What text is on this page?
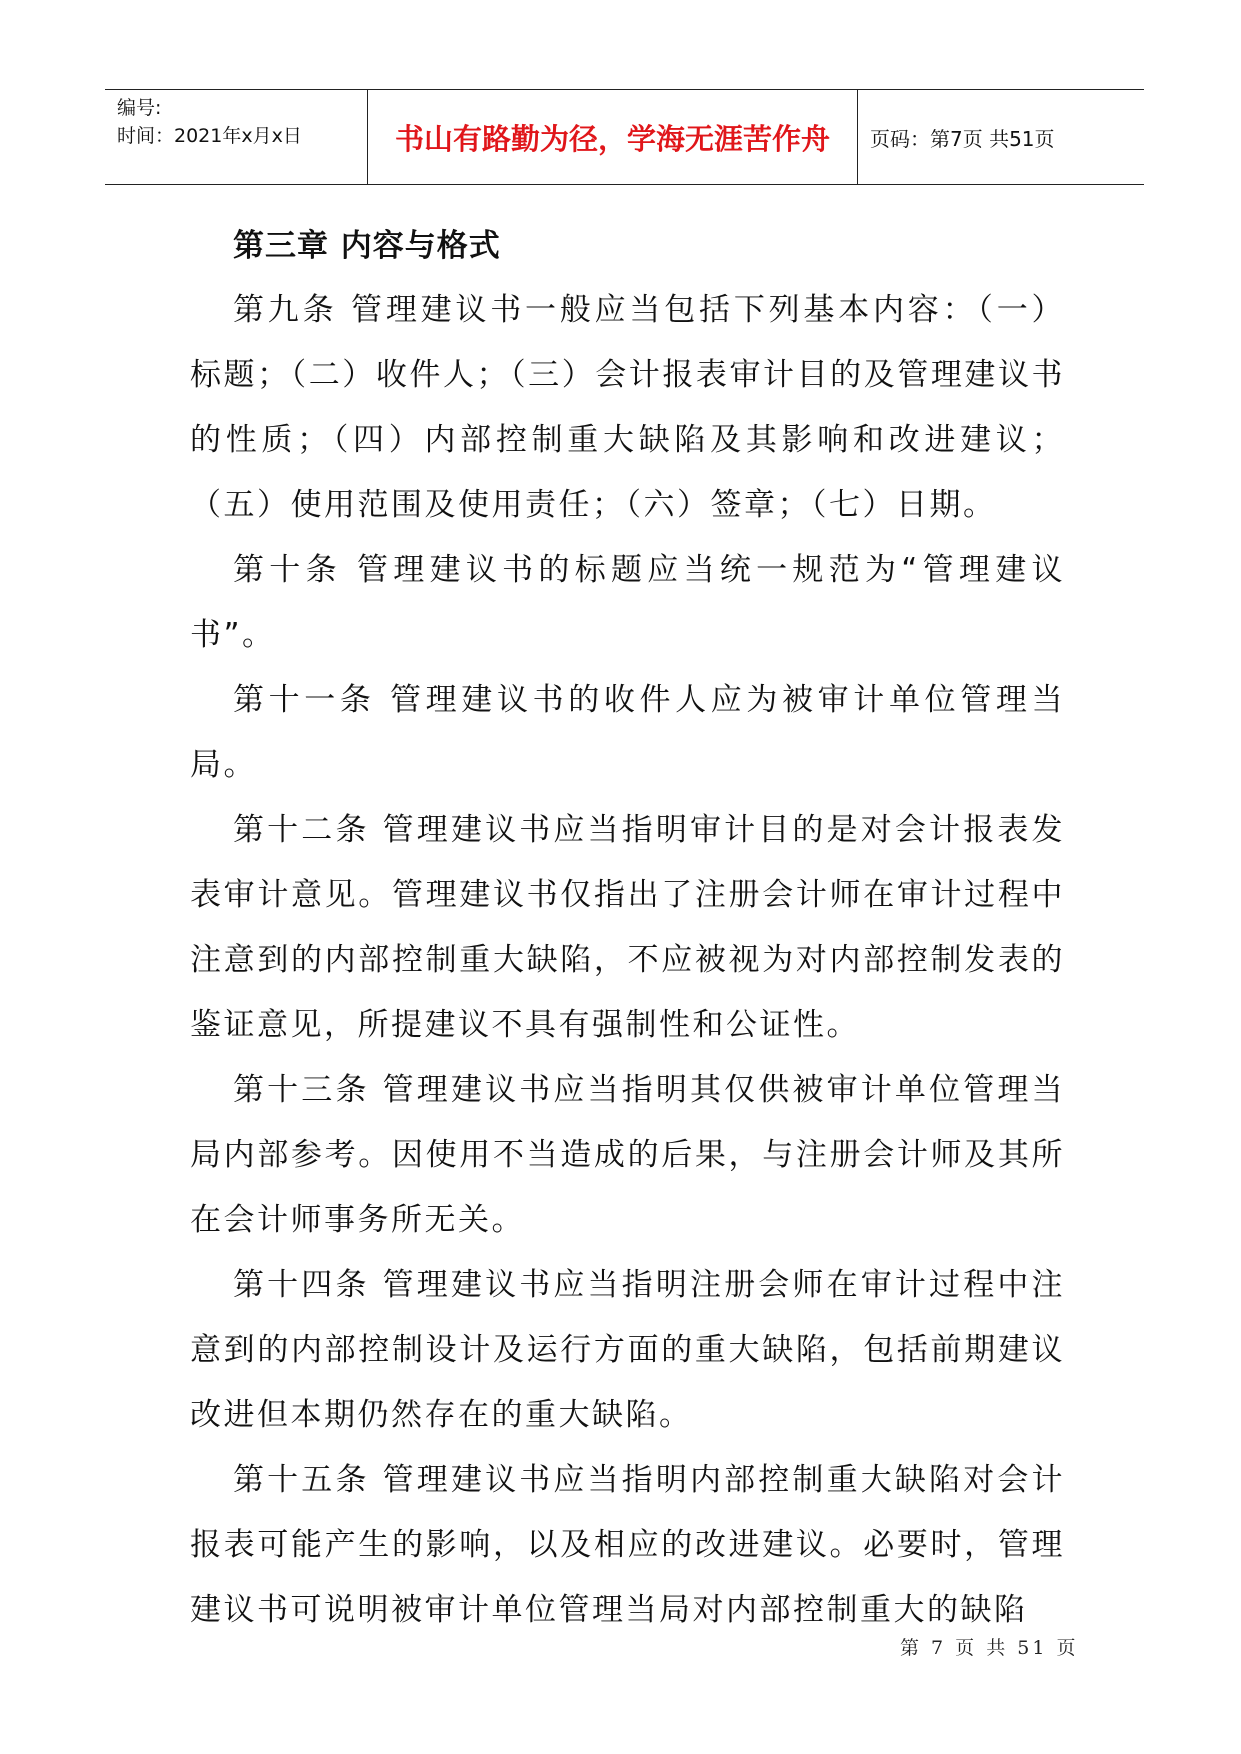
编号:
时间：2021年x月x日	书山有路勤为径，学海无涯苦作舟	页码：第7页 共51页
第三章 内容与格式

第九条 管理建议书一般应当包括下列基本内容：（一）标题；（二）收件人；（三）会计报表审计目的及管理建议书的性质；（四）内部控制重大缺陷及其影响和改进建议；（五）使用范围及使用责任；（六）签章；（七）日期。

第十条 管理建议书的标题应当统一规范为“管理建议书”。

第十一条 管理建议书的收件人应为被审计单位管理当局。

第十二条 管理建议书应当指明审计目的是对会计报表发表审计意见。管理建议书仅指出了注册会计师在审计过程中注意到的内部控制重大缺陷，不应被视为对内部控制发表的鉴证意见，所提建议不具有强制性和公证性。

第十三条 管理建议书应当指明其仅供被审计单位管理当局内部参考。因使用不当造成的后果，与注册会计师及其所在会计师事务所无关。

第十四条 管理建议书应当指明注册会师在审计过程中注意到的内部控制设计及运行方面的重大缺陷，包括前期建议改进但本期仍然存在的重大缺陷。

第十五条 管理建议书应当指明内部控制重大缺陷对会计报表可能产生的影响，以及相应的改进建议。必要时，管理建议书可说明被审计单位管理当局对内部控制重大的缺陷

第 7 页 共 51 页
